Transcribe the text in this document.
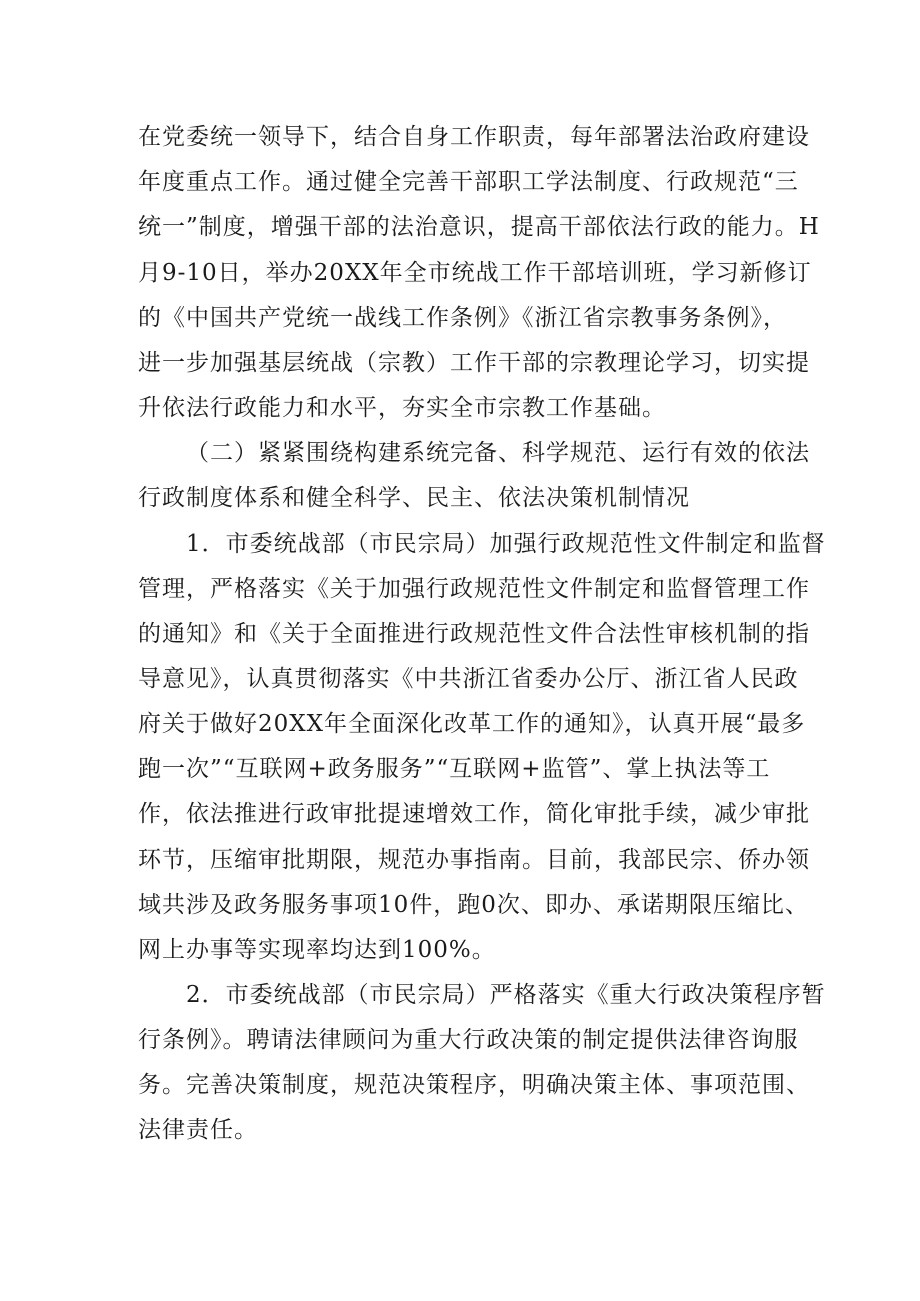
在党委统一领导下，结合自身工作职责，每年部署法治政府建设
年度重点工作。通过健全完善干部职工学法制度、行政规范“三
统一”制度，增强干部的法治意识，提高干部依法行政的能力。H
月9-10日，举办20XX年全市统战工作干部培训班，学习新修订
的《中国共产党统一战线工作条例》《浙江省宗教事务条例》，
进一步加强基层统战（宗教）工作干部的宗教理论学习，切实提
升依法行政能力和水平，夯实全市宗教工作基础。
（二）紧紧围绕构建系统完备、科学规范、运行有效的依法
行政制度体系和健全科学、民主、依法决策机制情况
1．市委统战部（市民宗局）加强行政规范性文件制定和监督
管理，严格落实《关于加强行政规范性文件制定和监督管理工作
的通知》和《关于全面推进行政规范性文件合法性审核机制的指
导意见》，认真贯彻落实《中共浙江省委办公厅、浙江省人民政
府关于做好20XX年全面深化改革工作的通知》，认真开展“最多
跑一次”“互联网+政务服务”“互联网+监管”、掌上执法等工
作，依法推进行政审批提速增效工作，简化审批手续，减少审批
环节，压缩审批期限，规范办事指南。目前，我部民宗、侨办领
域共涉及政务服务事项10件，跑0次、即办、承诺期限压缩比、
网上办事等实现率均达到100%。
2．市委统战部（市民宗局）严格落实《重大行政决策程序暂
行条例》。聘请法律顾问为重大行政决策的制定提供法律咨询服
务。完善决策制度，规范决策程序，明确决策主体、事项范围、
法律责任。
